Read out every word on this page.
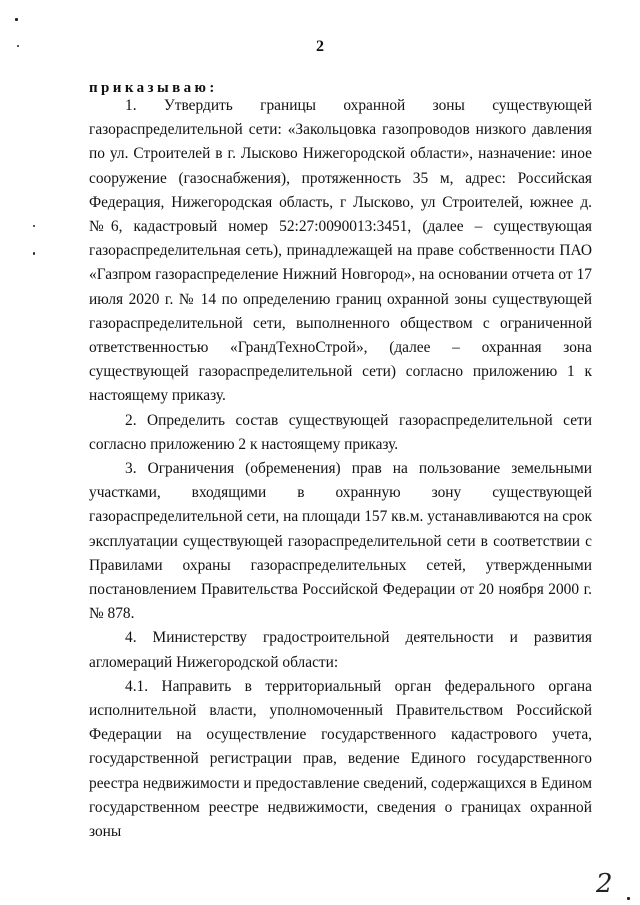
2
приказываю:

1. Утвердить границы охранной зоны существующей газораспределительной сети: «Закольцовка газопроводов низкого давления по ул. Строителей в г. Лысково Нижегородской области», назначение: иное сооружение (газоснабжения), протяженность 35 м, адрес: Российская Федерация, Нижегородская область, г Лысково, ул Строителей, южнее д.№6, кадастровый номер 52:27:0090013:3451, (далее – существующая газораспределительная сеть), принадлежащей на праве собственности ПАО «Газпром газораспределение Нижний Новгород», на основании отчета от 17 июля 2020 г. № 14 по определению границ охранной зоны существующей газораспределительной сети, выполненного обществом с ограниченной ответственностью «ГрандТехноСтрой», (далее – охранная зона существующей газораспределительной сети) согласно приложению 1 к настоящему приказу.

2. Определить состав существующей газораспределительной сети согласно приложению 2 к настоящему приказу.

3. Ограничения (обременения) прав на пользование земельными участками, входящими в охранную зону существующей газораспределительной сети, на площади 157 кв.м. устанавливаются на срок эксплуатации существующей газораспределительной сети в соответствии с Правилами охраны газораспределительных сетей, утвержденными постановлением Правительства Российской Федерации от 20 ноября 2000 г. № 878.

4. Министерству градостроительной деятельности и развития агломераций Нижегородской области:

4.1. Направить в территориальный орган федерального органа исполнительной власти, уполномоченный Правительством Российской Федерации на осуществление государственного кадастрового учета, государственной регистрации прав, ведение Единого государственного реестра недвижимости и предоставление сведений, содержащихся в Едином государственном реестре недвижимости, сведения о границах охранной зоны

2
